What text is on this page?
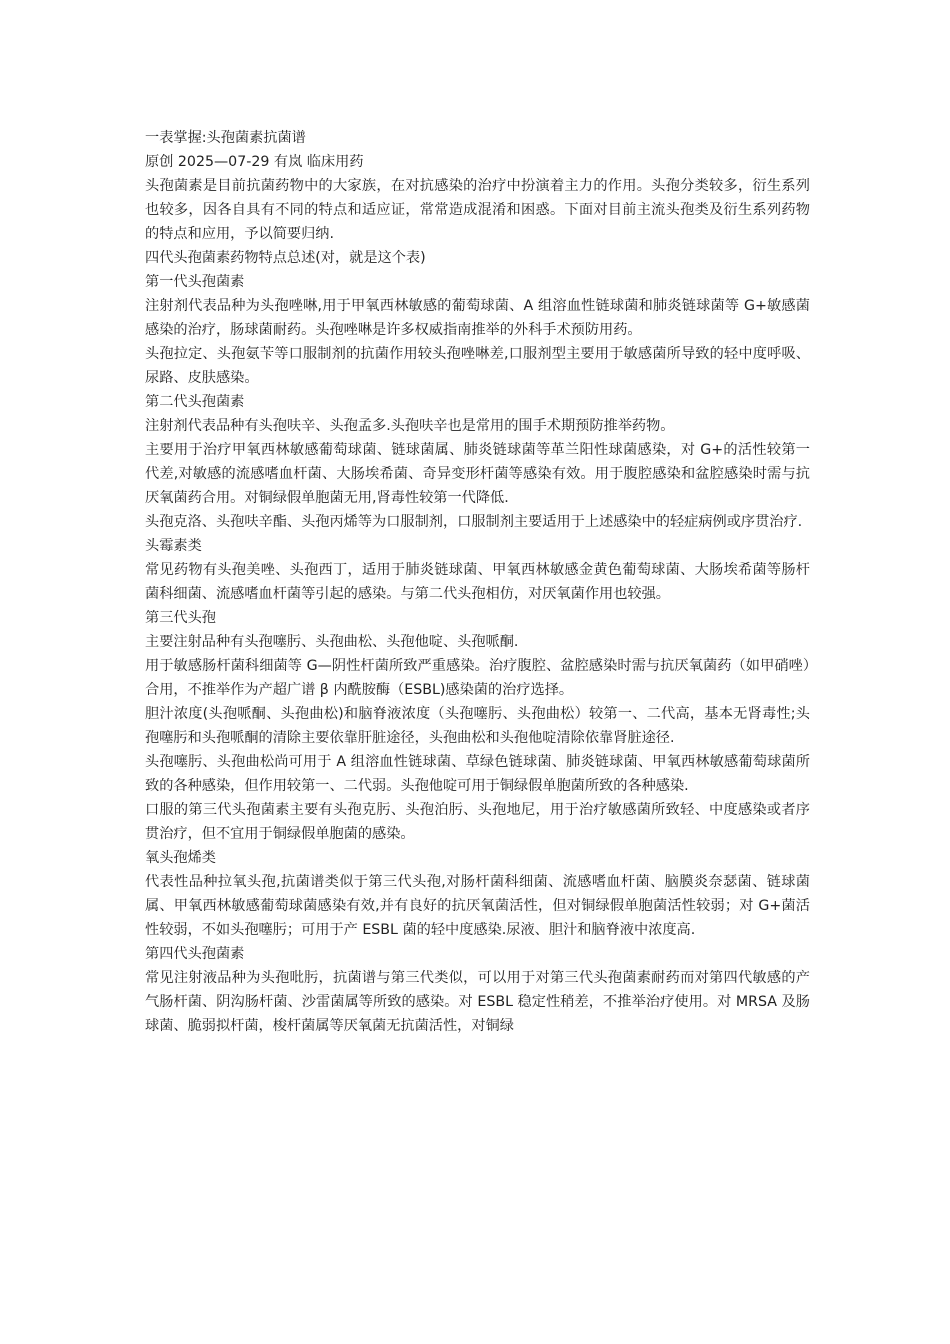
一表掌握:头孢菌素抗菌谱

原创 2025—07-29 有岚 临床用药

头孢菌素是目前抗菌药物中的大家族，在对抗感染的治疗中扮演着主力的作用。头孢分类较多，衍生系列也较多，因各自具有不同的特点和适应证，常常造成混淆和困惑。下面对目前主流头孢类及衍生系列药物的特点和应用，予以简要归纳.

四代头孢菌素药物特点总述(对，就是这个表)

第一代头孢菌素

注射剂代表品种为头孢唑啉,用于甲氧西林敏感的葡萄球菌、A 组溶血性链球菌和肺炎链球菌等 G+敏感菌感染的治疗，肠球菌耐药。头孢唑啉是许多权威指南推举的外科手术预防用药。

头孢拉定、头孢氨苄等口服制剂的抗菌作用较头孢唑啉差,口服剂型主要用于敏感菌所导致的轻中度呼吸、尿路、皮肤感染。

第二代头孢菌素

注射剂代表品种有头孢呋辛、头孢孟多.头孢呋辛也是常用的围手术期预防推举药物。

主要用于治疗甲氧西林敏感葡萄球菌、链球菌属、肺炎链球菌等革兰阳性球菌感染，对 G+的活性较第一代差,对敏感的流感嗜血杆菌、大肠埃希菌、奇异变形杆菌等感染有效。用于腹腔感染和盆腔感染时需与抗厌氧菌药合用。对铜绿假单胞菌无用,肾毒性较第一代降低.

头孢克洛、头孢呋辛酯、头孢丙烯等为口服制剂，口服制剂主要适用于上述感染中的轻症病例或序贯治疗.

头霉素类

常见药物有头孢美唑、头孢西丁，适用于肺炎链球菌、甲氧西林敏感金黄色葡萄球菌、大肠埃希菌等肠杆菌科细菌、流感嗜血杆菌等引起的感染。与第二代头孢相仿，对厌氧菌作用也较强。

第三代头孢

主要注射品种有头孢噻肟、头孢曲松、头孢他啶、头孢哌酮.

用于敏感肠杆菌科细菌等 G—阴性杆菌所致严重感染。治疗腹腔、盆腔感染时需与抗厌氧菌药（如甲硝唑）合用，不推举作为产超广谱 β 内酰胺酶（ESBL)感染菌的治疗选择。

胆汁浓度(头孢哌酮、头孢曲松)和脑脊液浓度（头孢噻肟、头孢曲松）较第一、二代高，基本无肾毒性;头孢噻肟和头孢哌酮的清除主要依靠肝脏途径，头孢曲松和头孢他啶清除依靠肾脏途径.

头孢噻肟、头孢曲松尚可用于 A 组溶血性链球菌、草绿色链球菌、肺炎链球菌、甲氧西林敏感葡萄球菌所致的各种感染，但作用较第一、二代弱。头孢他啶可用于铜绿假单胞菌所致的各种感染.

口服的第三代头孢菌素主要有头孢克肟、头孢泊肟、头孢地尼，用于治疗敏感菌所致轻、中度感染或者序贯治疗，但不宜用于铜绿假单胞菌的感染。

氧头孢烯类

代表性品种拉氧头孢,抗菌谱类似于第三代头孢,对肠杆菌科细菌、流感嗜血杆菌、脑膜炎奈瑟菌、链球菌属、甲氧西林敏感葡萄球菌感染有效,并有良好的抗厌氧菌活性，但对铜绿假单胞菌活性较弱；对 G+菌活性较弱，不如头孢噻肟；可用于产 ESBL 菌的轻中度感染.尿液、胆汁和脑脊液中浓度高.

第四代头孢菌素

常见注射液品种为头孢吡肟，抗菌谱与第三代类似，可以用于对第三代头孢菌素耐药而对第四代敏感的产气肠杆菌、阴沟肠杆菌、沙雷菌属等所致的感染。对 ESBL 稳定性稍差，不推举治疗使用。对 MRSA 及肠球菌、脆弱拟杆菌，梭杆菌属等厌氧菌无抗菌活性，对铜绿
